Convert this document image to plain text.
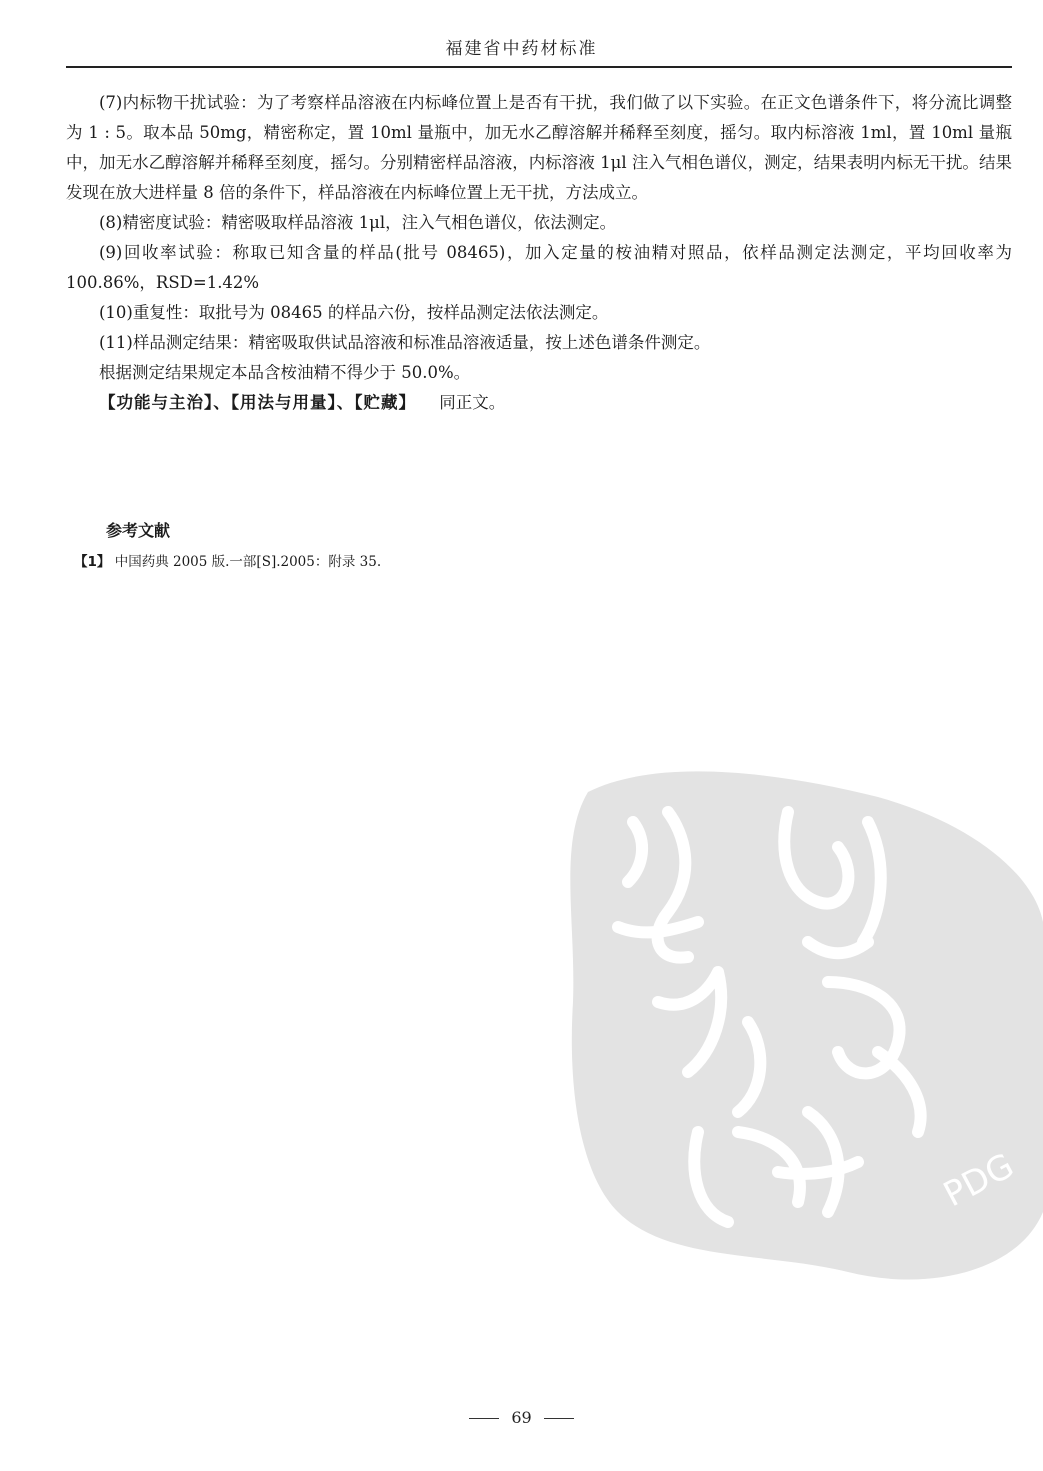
福建省中药材标准

(7)内标物干扰试验：为了考察样品溶液在内标峰位置上是否有干扰，我们做了以下实验。在正文色谱条件下，将分流比调整为 1 : 5。取本品 50mg，精密称定，置 10ml 量瓶中，加无水乙醇溶解并稀释至刻度，摇匀。取内标溶液 1ml，置 10ml 量瓶中，加无水乙醇溶解并稀释至刻度，摇匀。分别精密样品溶液，内标溶液 1μl 注入气相色谱仪，测定，结果表明内标无干扰。结果发现在放大进样量 8 倍的条件下，样品溶液在内标峰位置上无干扰，方法成立。

(8)精密度试验：精密吸取样品溶液 1μl，注入气相色谱仪，依法测定。

(9)回收率试验：称取已知含量的样品(批号 08465)，加入定量的桉油精对照品，依样品测定法测定，平均回收率为 100.86%，RSD=1.42%

(10)重复性：取批号为 08465 的样品六份，按样品测定法依法测定。

(11)样品测定结果：精密吸取供试品溶液和标准品溶液适量，按上述色谱条件测定。

根据测定结果规定本品含桉油精不得少于 50.0%。

【功能与主治】、【用法与用量】、【贮藏】 同正文。

参考文献
【1】 中国药典 2005 版.一部[S].2005：附录 35.
PDG
69
